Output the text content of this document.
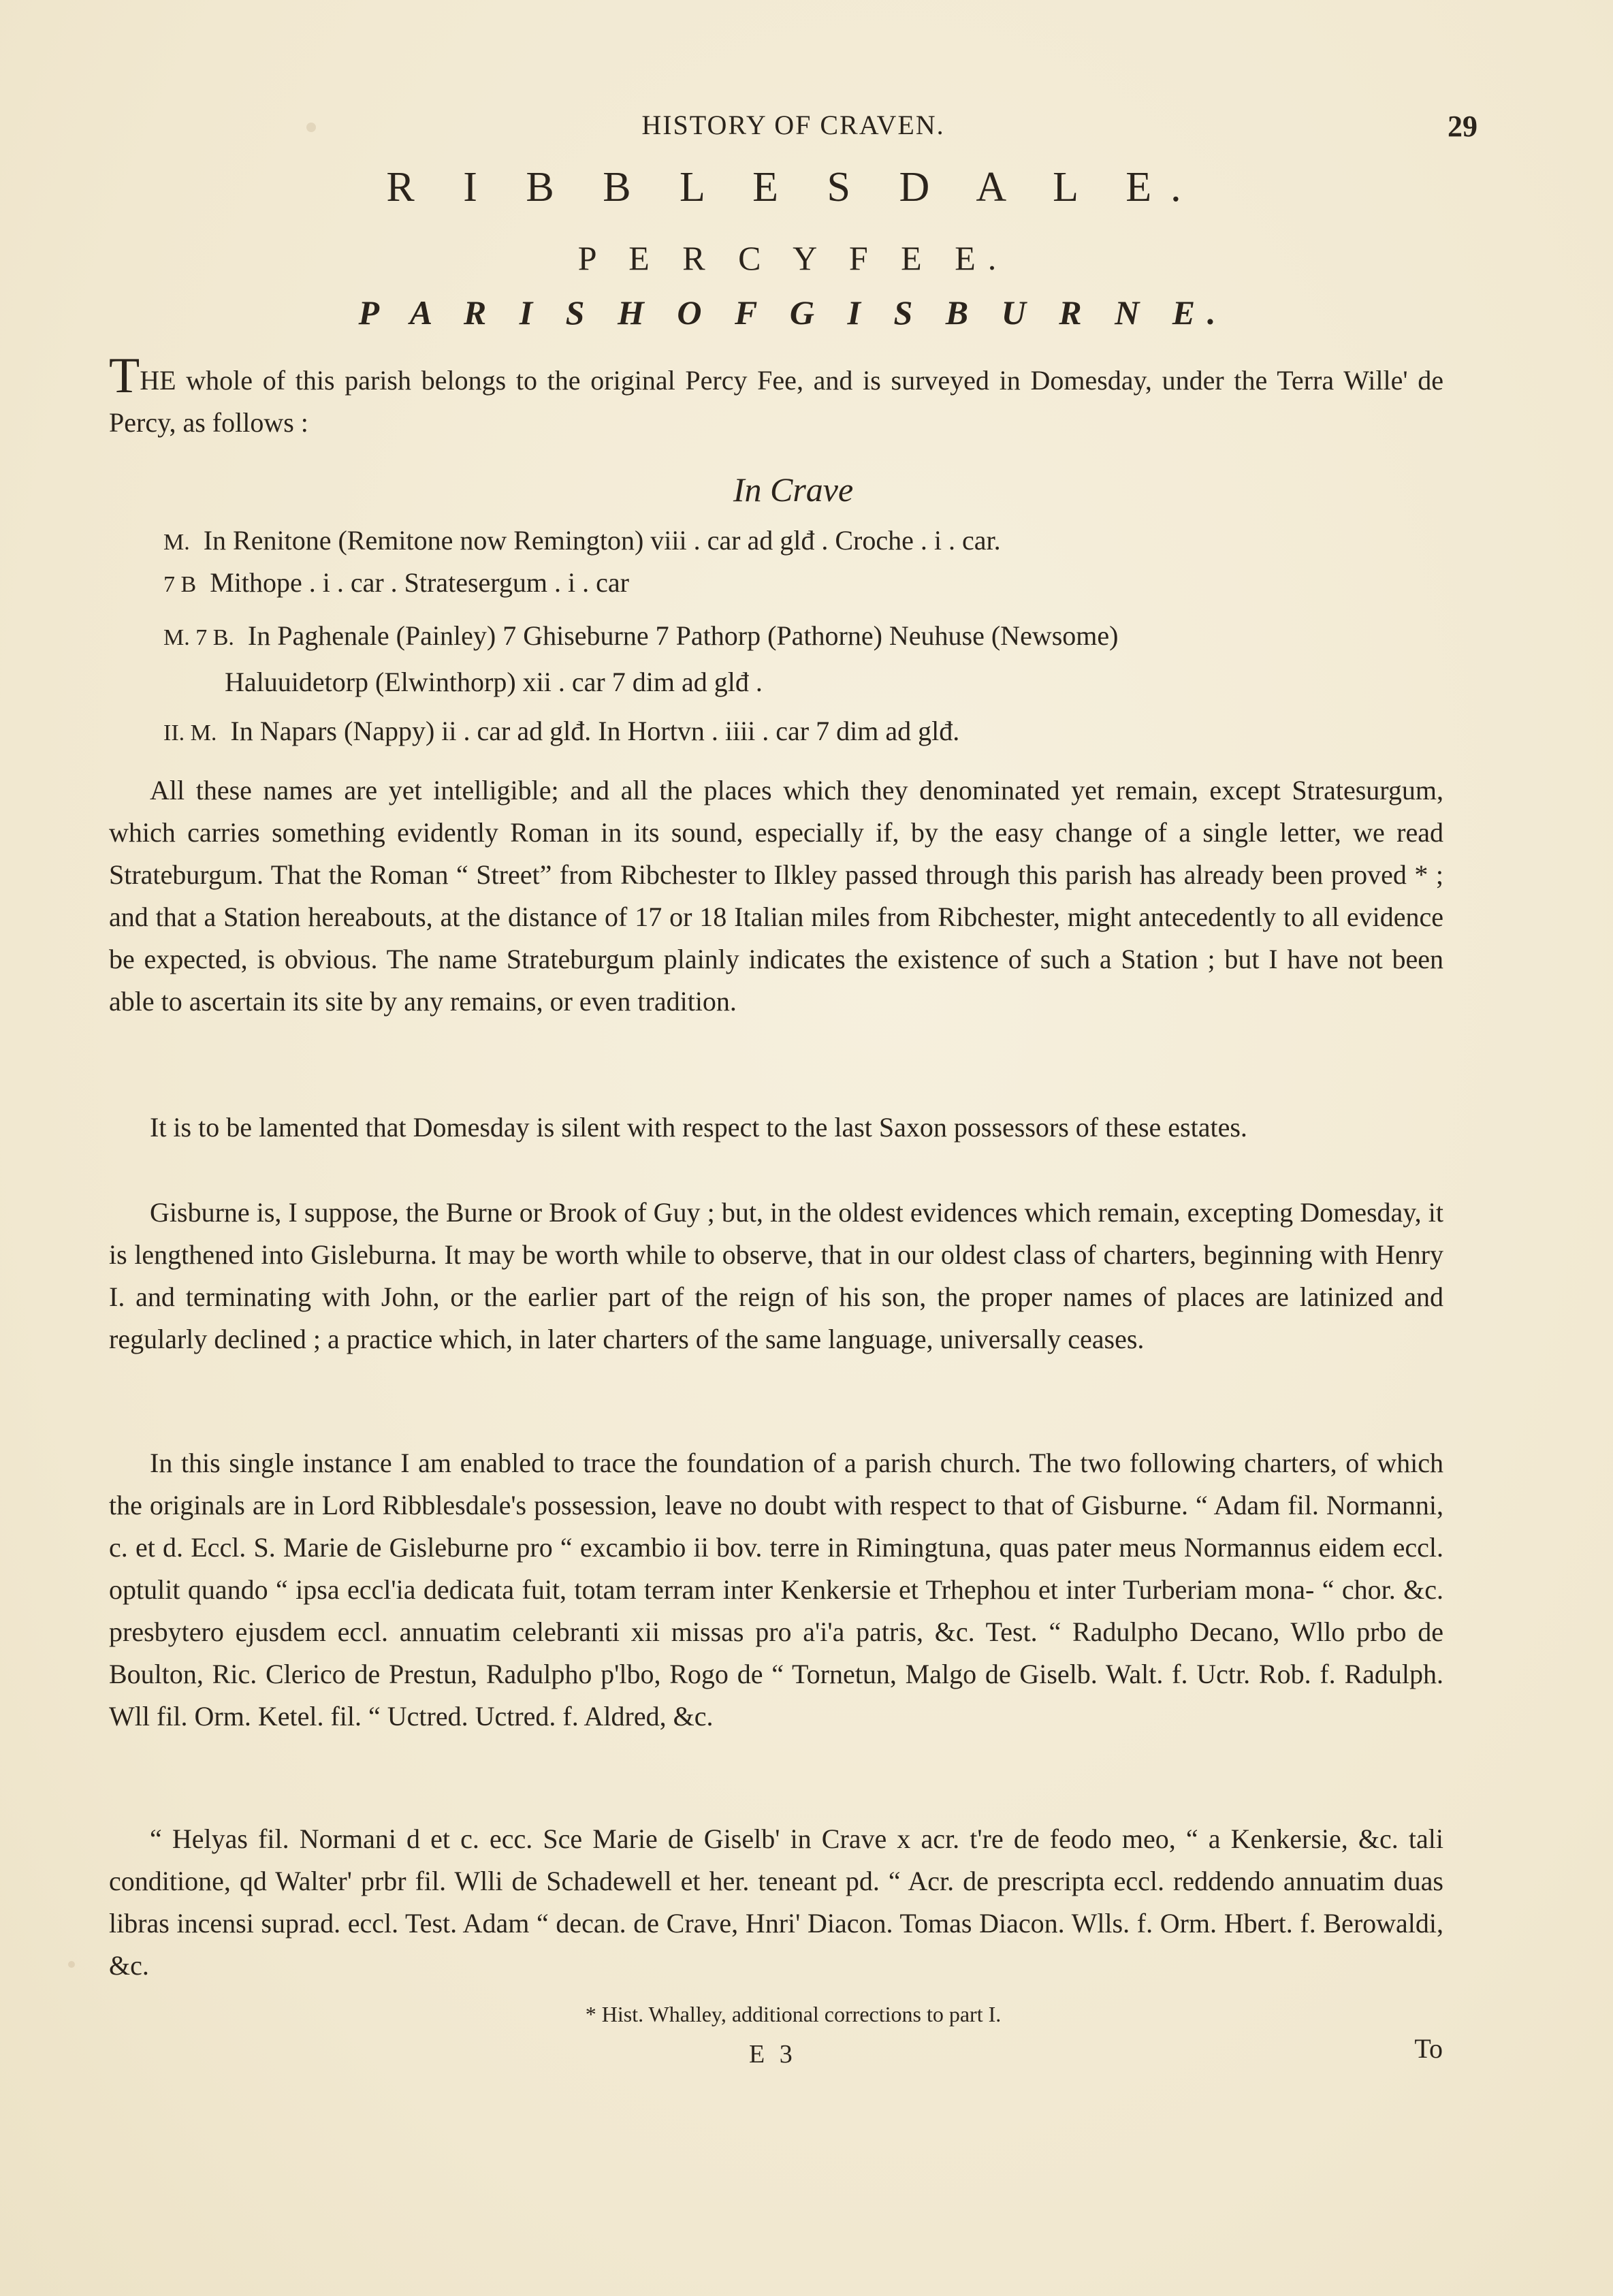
HISTORY OF CRAVEN.	29
R I B B L E S D A L E.
P E R C Y F E E.
P A R I S H O F G I S B U R N E.
THE whole of this parish belongs to the original Percy Fee, and is surveyed in Domesday, under the Terra Wille' de Percy, as follows :
In Crave
M. In Renitone (Remitone now Remington) viii . car ad glđ . Croche . i . car.
7 B Mithope . i . car . Stratesergum . i . car
M. 7 B. In Paghenale (Painley) 7 Ghiseburne 7 Pathorp (Pathorne) Neuhuse (Newsome)
Haluuidetorp (Elwinthorp) xii . car 7 dim ad glđ .
II. M. In Napars (Nappy) ii . car ad glđ. In Hortvn . iiii . car 7 dim ad glđ.
All these names are yet intelligible; and all the places which they denominated yet remain, except Stratesurgum, which carries something evidently Roman in its sound, especially if, by the easy change of a single letter, we read Strateburgum. That the Roman “ Street” from Ribchester to Ilkley passed through this parish has already been proved * ; and that a Station hereabouts, at the distance of 17 or 18 Italian miles from Ribchester, might antecedently to all evidence be expected, is obvious. The name Strateburgum plainly indicates the existence of such a Station ; but I have not been able to ascertain its site by any remains, or even tradition.
It is to be lamented that Domesday is silent with respect to the last Saxon possessors of these estates.
Gisburne is, I suppose, the Burne or Brook of Guy ; but, in the oldest evidences which remain, excepting Domesday, it is lengthened into Gisleburna. It may be worth while to observe, that in our oldest class of charters, beginning with Henry I. and terminating with John, or the earlier part of the reign of his son, the proper names of places are latinized and regularly declined ; a practice which, in later charters of the same language, universally ceases.
In this single instance I am enabled to trace the foundation of a parish church. The two following charters, of which the originals are in Lord Ribblesdale's possession, leave no doubt with respect to that of Gisburne. “ Adam fil. Normanni, c. et d. Eccl. S. Marie de Gisleburne pro “ excambio ii bov. terre in Rimingtuna, quas pater meus Normannus eidem eccl. optulit quando “ ipsa eccl'ia dedicata fuit, totam terram inter Kenkersie et Trhephou et inter Turberiam mona- “ chor. &c. presbytero ejusdem eccl. annuatim celebranti xii missas pro a'i'a patris, &c. Test. “ Radulpho Decano, Wllo prbo de Boulton, Ric. Clerico de Prestun, Radulpho p'lbo, Rogo de “ Tornetun, Malgo de Giselb. Walt. f. Uctr. Rob. f. Radulph. Wll fil. Orm. Ketel. fil. “ Uctred. Uctred. f. Aldred, &c.
“ Helyas fil. Normani d et c. ecc. Sce Marie de Giselb' in Crave x acr. t're de feodo meo, “ a Kenkersie, &c. tali conditione, qd Walter' prbr fil. Wlli de Schadewell et her. teneant pd. “ Acr. de prescripta eccl. reddendo annuatim duas libras incensi suprad. eccl. Test. Adam “ decan. de Crave, Hnri' Diacon. Tomas Diacon. Wlls. f. Orm. Hbert. f. Berowaldi, &c.
* Hist. Whalley, additional corrections to part I.
E 3	To
